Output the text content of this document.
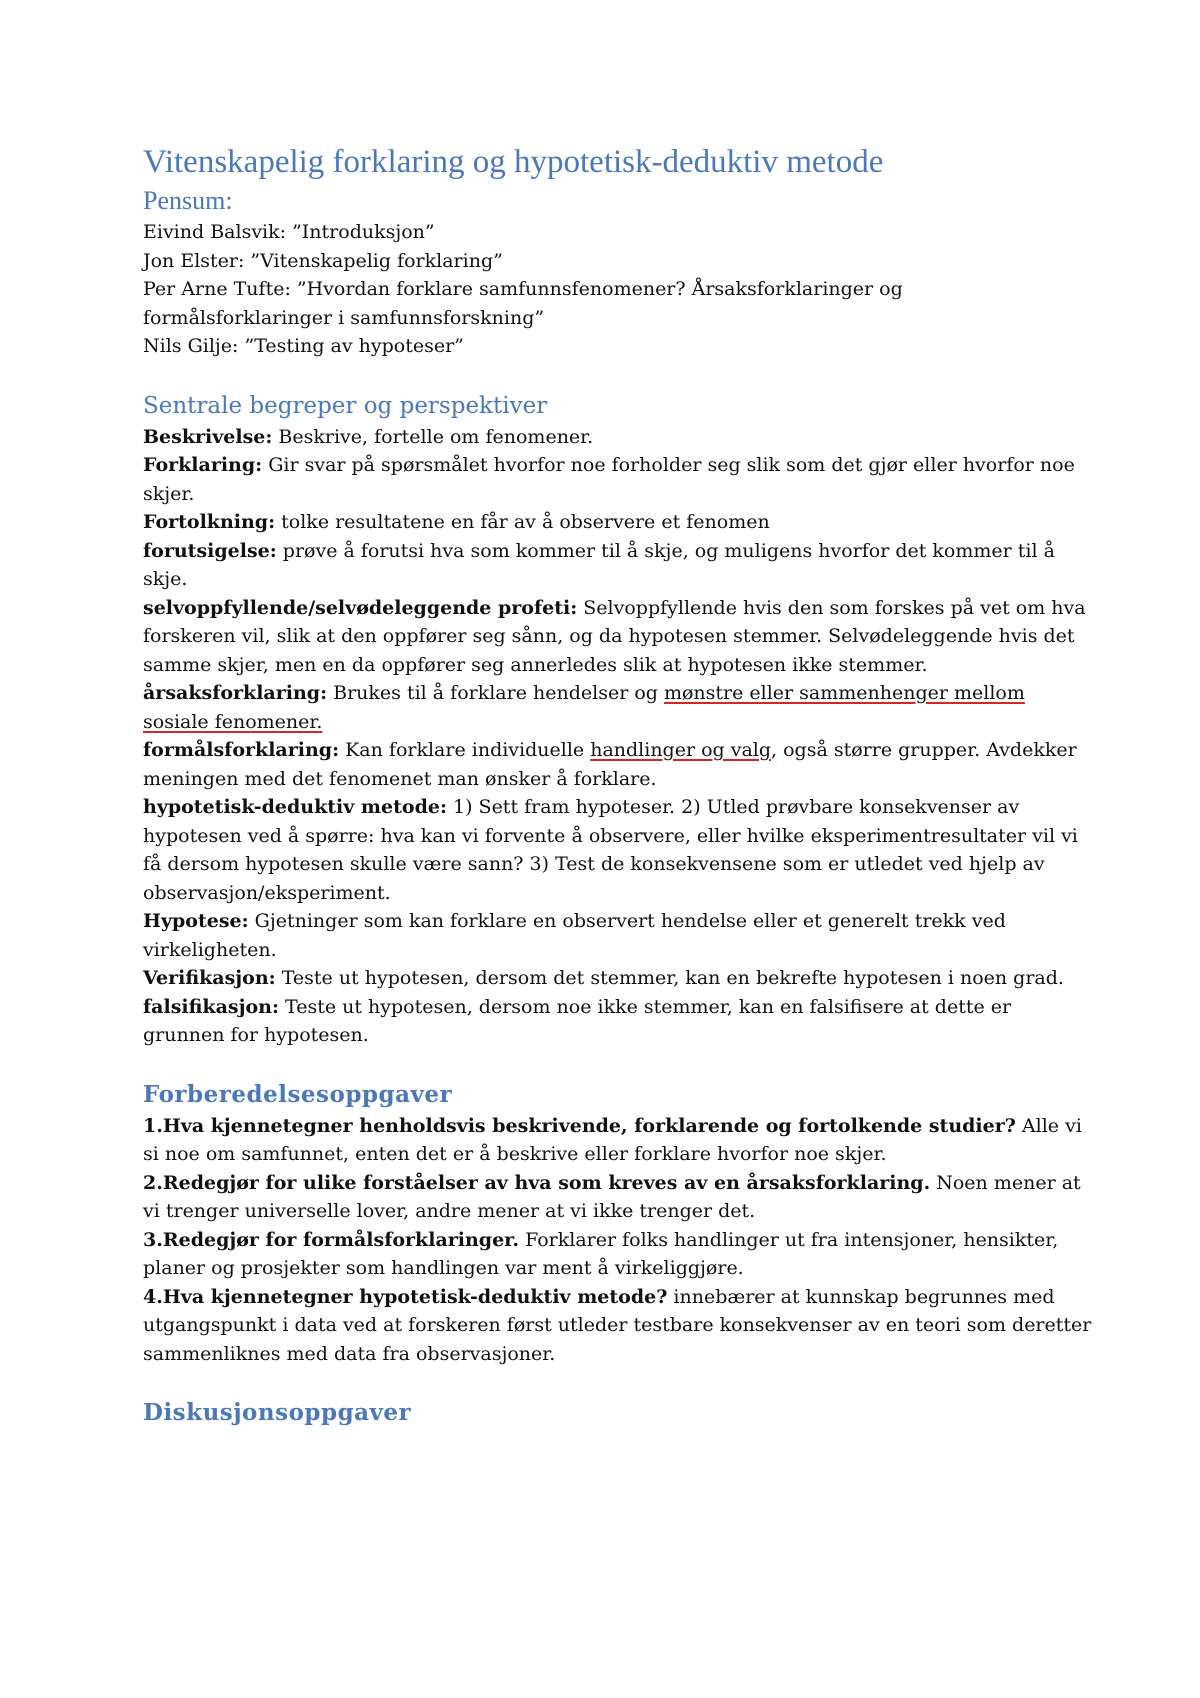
Vitenskapelig forklaring og hypotetisk-deduktiv metode
Pensum:

Eivind Balsvik: ”Introduksjon”

Jon Elster: ”Vitenskapelig forklaring”

Per Arne Tufte: ”Hvordan forklare samfunnsfenomener? Årsaksforklaringer og formålsforklaringer i samfunnsforskning”

Nils Gilje: ”Testing av hypoteser”

Sentrale begreper og perspektiver

Beskrivelse: Beskrive, fortelle om fenomener.

Forklaring: Gir svar på spørsmålet hvorfor noe forholder seg slik som det gjør eller hvorfor noe skjer.

Fortolkning: tolke resultatene en får av å observere et fenomen

forutsigelse: prøve å forutsi hva som kommer til å skje, og muligens hvorfor det kommer til å skje.

selvoppfyllende/selvødeleggende profeti: Selvoppfyllende hvis den som forskes på vet om hva forskeren vil, slik at den oppfører seg sånn, og da hypotesen stemmer. Selvødeleggende hvis det samme skjer, men en da oppfører seg annerledes slik at hypotesen ikke stemmer.

årsaksforklaring: Brukes til å forklare hendelser og mønstre eller sammenhenger mellom sosiale fenomener.

formålsforklaring: Kan forklare individuelle handlinger og valg, også større grupper. Avdekker meningen med det fenomenet man ønsker å forklare.

hypotetisk-deduktiv metode: 1) Sett fram hypoteser. 2) Utled prøvbare konsekvenser av hypotesen ved å spørre: hva kan vi forvente å observere, eller hvilke eksperimentresultater vil vi få dersom hypotesen skulle være sann? 3) Test de konsekvensene som er utledet ved hjelp av observasjon/eksperiment.

Hypotese: Gjetninger som kan forklare en observert hendelse eller et generelt trekk ved virkeligheten.

Verifikasjon: Teste ut hypotesen, dersom det stemmer, kan en bekrefte hypotesen i noen grad.

falsifikasjon: Teste ut hypotesen, dersom noe ikke stemmer, kan en falsifisere at dette er grunnen for hypotesen.

Forberedelsesoppgaver

1.Hva kjennetegner henholdsvis beskrivende, forklarende og fortolkende studier? Alle vi si noe om samfunnet, enten det er å beskrive eller forklare hvorfor noe skjer.

2.Redegjør for ulike forståelser av hva som kreves av en årsaksforklaring. Noen mener at vi trenger universelle lover, andre mener at vi ikke trenger det.

3.Redegjør for formålsforklaringer. Forklarer folks handlinger ut fra intensjoner, hensikter, planer og prosjekter som handlingen var ment å virkeliggjøre.

4.Hva kjennetegner hypotetisk-deduktiv metode? innebærer at kunnskap begrunnes med utgangspunkt i data ved at forskeren først utleder testbare konsekvenser av en teori som deretter sammenliknes med data fra observasjoner.

Diskusjonsoppgaver
